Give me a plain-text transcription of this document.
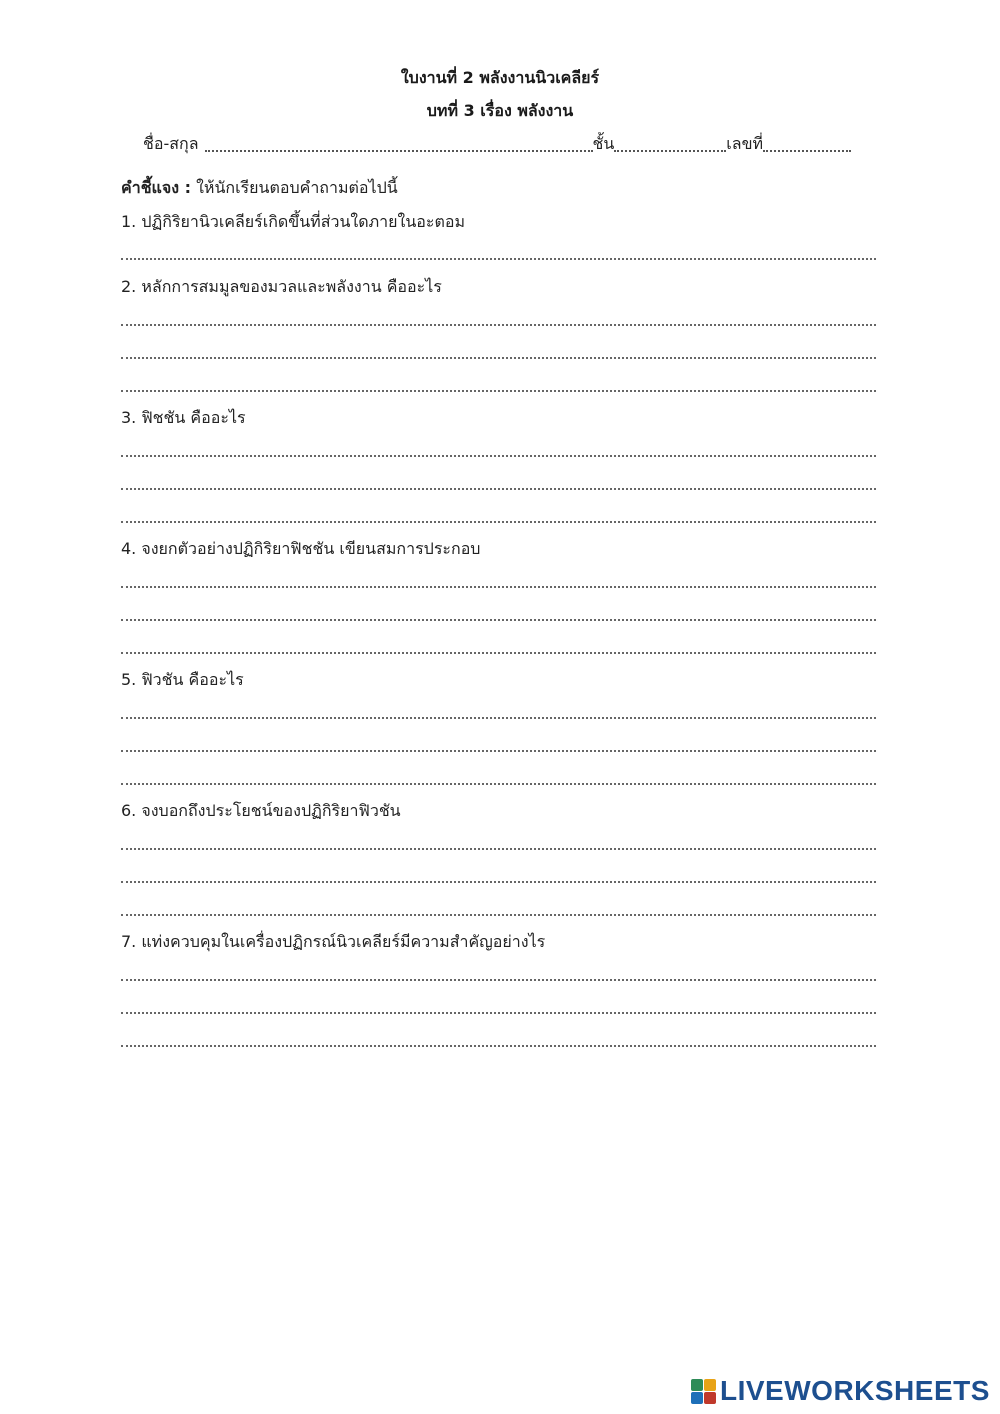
ใบงานที่ 2 พลังงานนิวเคลียร์
บทที่ 3 เรื่อง พลังงาน
ชื่อ-สกุล	ชั้น	เลขที่
คำชี้แจง : ให้นักเรียนตอบคำถามต่อไปนี้
1. ปฏิกิริยานิวเคลียร์เกิดขึ้นที่ส่วนใดภายในอะตอม
2. หลักการสมมูลของมวลและพลังงาน คืออะไร
3. ฟิชชัน คืออะไร
4. จงยกตัวอย่างปฏิกิริยาฟิชชัน เขียนสมการประกอบ
5. ฟิวชัน คืออะไร
6. จงบอกถึงประโยชน์ของปฏิกิริยาฟิวชัน
7. แท่งควบคุมในเครื่องปฏิกรณ์นิวเคลียร์มีความสำคัญอย่างไร
LIVEWORKSHEETS
